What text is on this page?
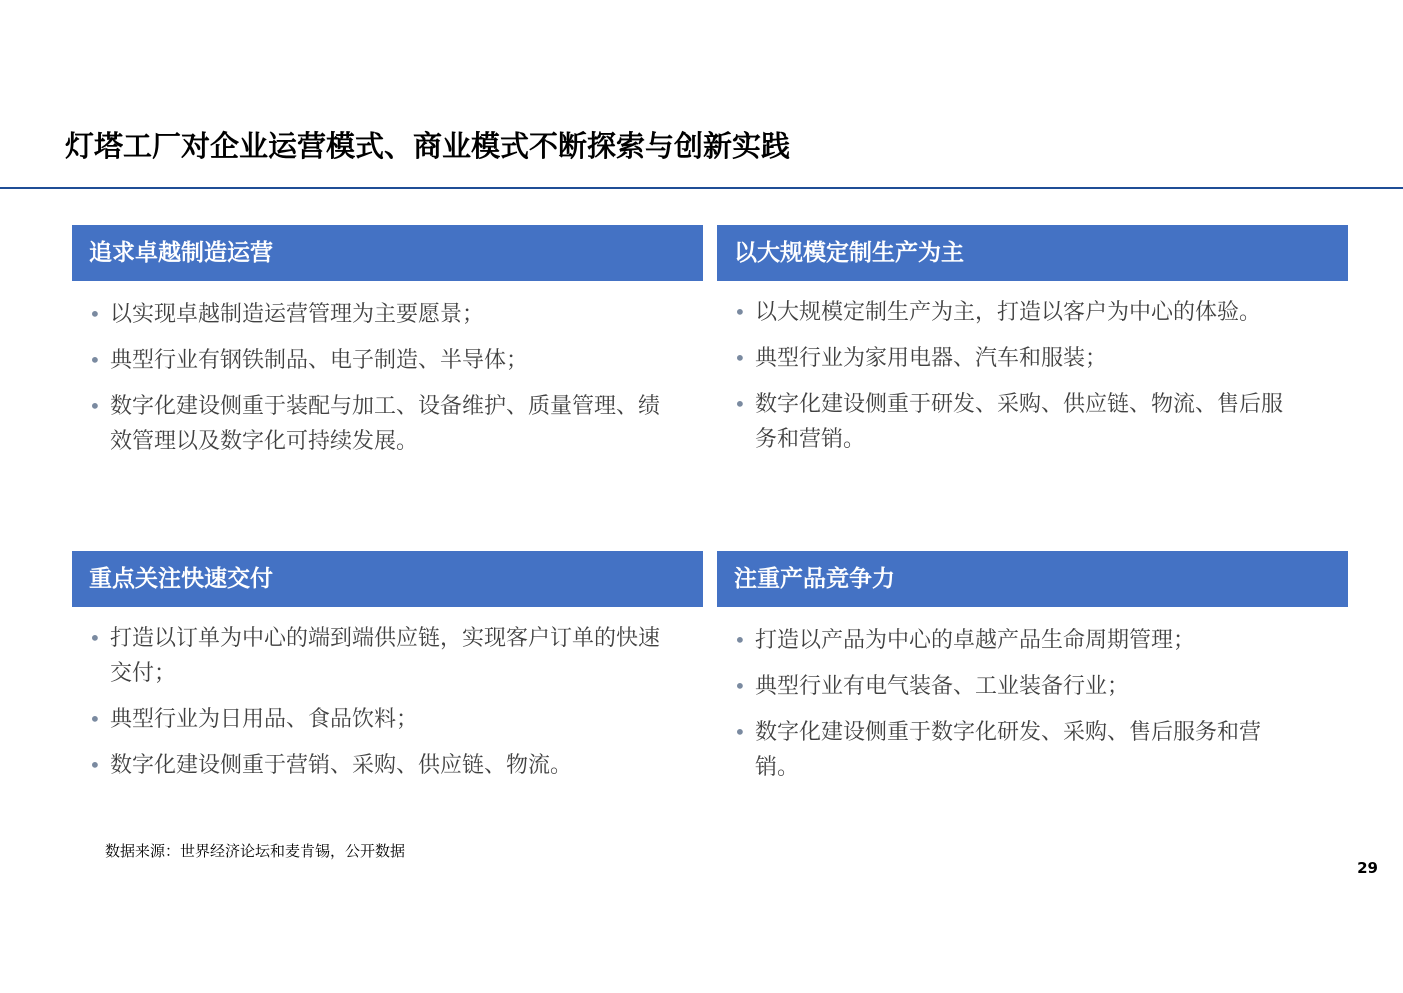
灯塔工厂对企业运营模式、商业模式不断探索与创新实践
追求卓越制造运营
• 以实现卓越制造运营管理为主要愿景；
• 典型行业有钢铁制品、电子制造、半导体；
• 数字化建设侧重于装配与加工、设备维护、质量管理、绩效管理以及数字化可持续发展。
以大规模定制生产为主
• 以大规模定制生产为主，打造以客户为中心的体验。
• 典型行业为家用电器、汽车和服装；
• 数字化建设侧重于研发、采购、供应链、物流、售后服务和营销。
重点关注快速交付
• 打造以订单为中心的端到端供应链，实现客户订单的快速交付；
• 典型行业为日用品、食品饮料；
• 数字化建设侧重于营销、采购、供应链、物流。
注重产品竞争力
• 打造以产品为中心的卓越产品生命周期管理；
• 典型行业有电气装备、工业装备行业；
• 数字化建设侧重于数字化研发、采购、售后服务和营销。
数据来源：世界经济论坛和麦肯锡，公开数据
29
